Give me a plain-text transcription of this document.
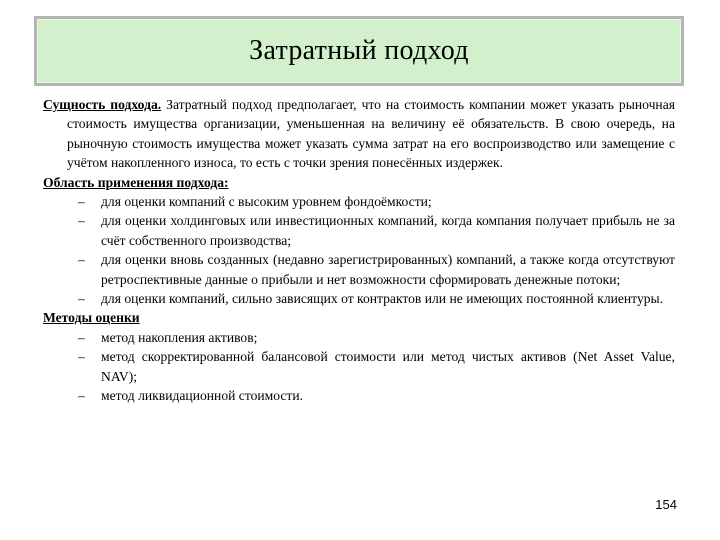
Затратный подход
Сущность подхода. Затратный подход предполагает, что на стоимость компании может указать рыночная стоимость имущества организации, уменьшенная на величину её обязательств. В свою очередь, на рыночную стоимость имущества может указать сумма затрат на его воспроизводство или замещение с учётом накопленного износа, то есть с точки зрения понесённых издержек.
Область применения подхода:
– для оценки компаний с высоким уровнем фондоёмкости;
– для оценки холдинговых или инвестиционных компаний, когда компания получает прибыль не за счёт собственного производства;
– для оценки вновь созданных (недавно зарегистрированных) компаний, а также когда отсутствуют ретроспективные данные о прибыли и нет возможности сформировать денежные потоки;
– для оценки компаний, сильно зависящих от контрактов или не имеющих постоянной клиентуры.
Методы оценки
– метод накопления активов;
– метод скорректированной балансовой стоимости или метод чистых активов (Net Asset Value, NAV);
– метод ликвидационной стоимости.
154
